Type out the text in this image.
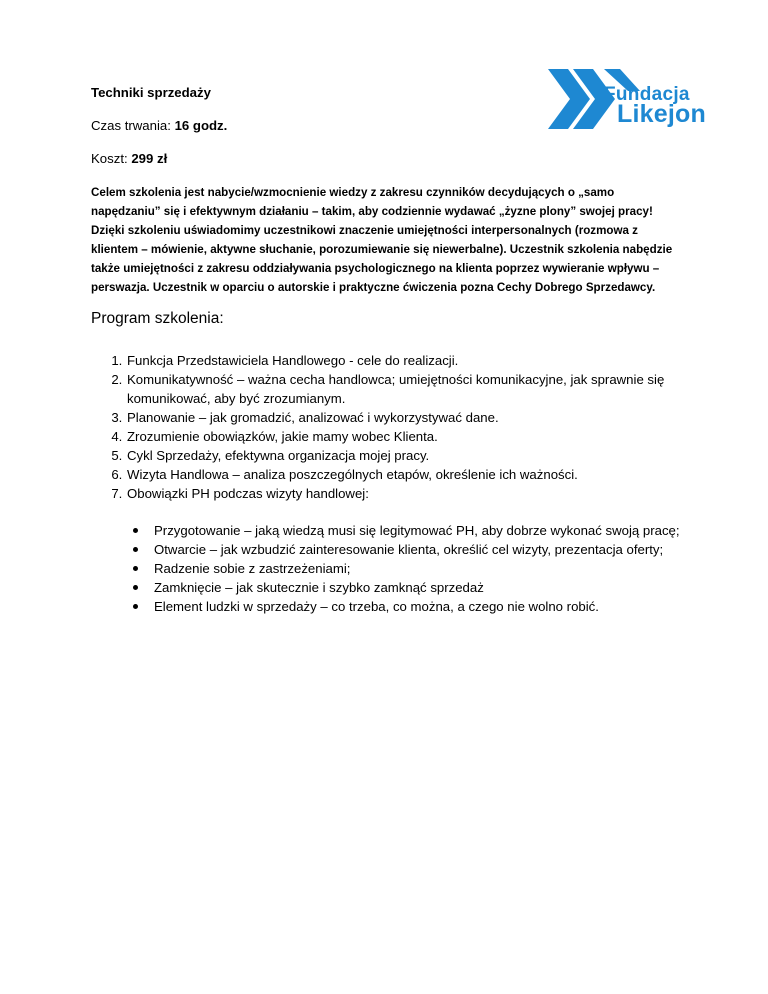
Fundacja
Likejon

Techniki sprzedaży

Czas trwania: 16 godz.

Koszt: 299 zł

Celem szkolenia jest nabycie/wzmocnienie wiedzy z zakresu czynników decydujących o „samo napędzaniu” się i efektywnym działaniu – takim, aby codziennie wydawać „żyzne plony” swojej pracy! Dzięki szkoleniu uświadomimy uczestnikowi znaczenie umiejętności interpersonalnych (rozmowa z klientem – mówienie, aktywne słuchanie, porozumiewanie się niewerbalne). Uczestnik szkolenia nabędzie także umiejętności z zakresu oddziaływania psychologicznego na klienta poprzez wywieranie wpływu – perswazja. Uczestnik w oparciu o autorskie i praktyczne ćwiczenia pozna Cechy Dobrego Sprzedawcy.
Program szkolenia:
1. Funkcja Przedstawiciela Handlowego - cele do realizacji.
2. Komunikatywność – ważna cecha handlowca; umiejętności komunikacyjne, jak sprawnie się komunikować, aby być zrozumianym.
3. Planowanie – jak gromadzić, analizować i wykorzystywać dane.
4. Zrozumienie obowiązków, jakie mamy wobec Klienta.
5. Cykl Sprzedaży, efektywna organizacja mojej pracy.
6. Wizyta Handlowa – analiza poszczególnych etapów, określenie ich ważności.
7. Obowiązki PH podczas wizyty handlowej:
Przygotowanie – jaką wiedzą musi się legitymować PH, aby dobrze wykonać swoją pracę;
Otwarcie – jak wzbudzić zainteresowanie klienta, określić cel wizyty, prezentacja oferty;
Radzenie sobie z zastrzeżeniami;
Zamknięcie – jak skutecznie i szybko zamknąć sprzedaż
Element ludzki w sprzedaży – co trzeba, co można, a czego nie wolno robić.
